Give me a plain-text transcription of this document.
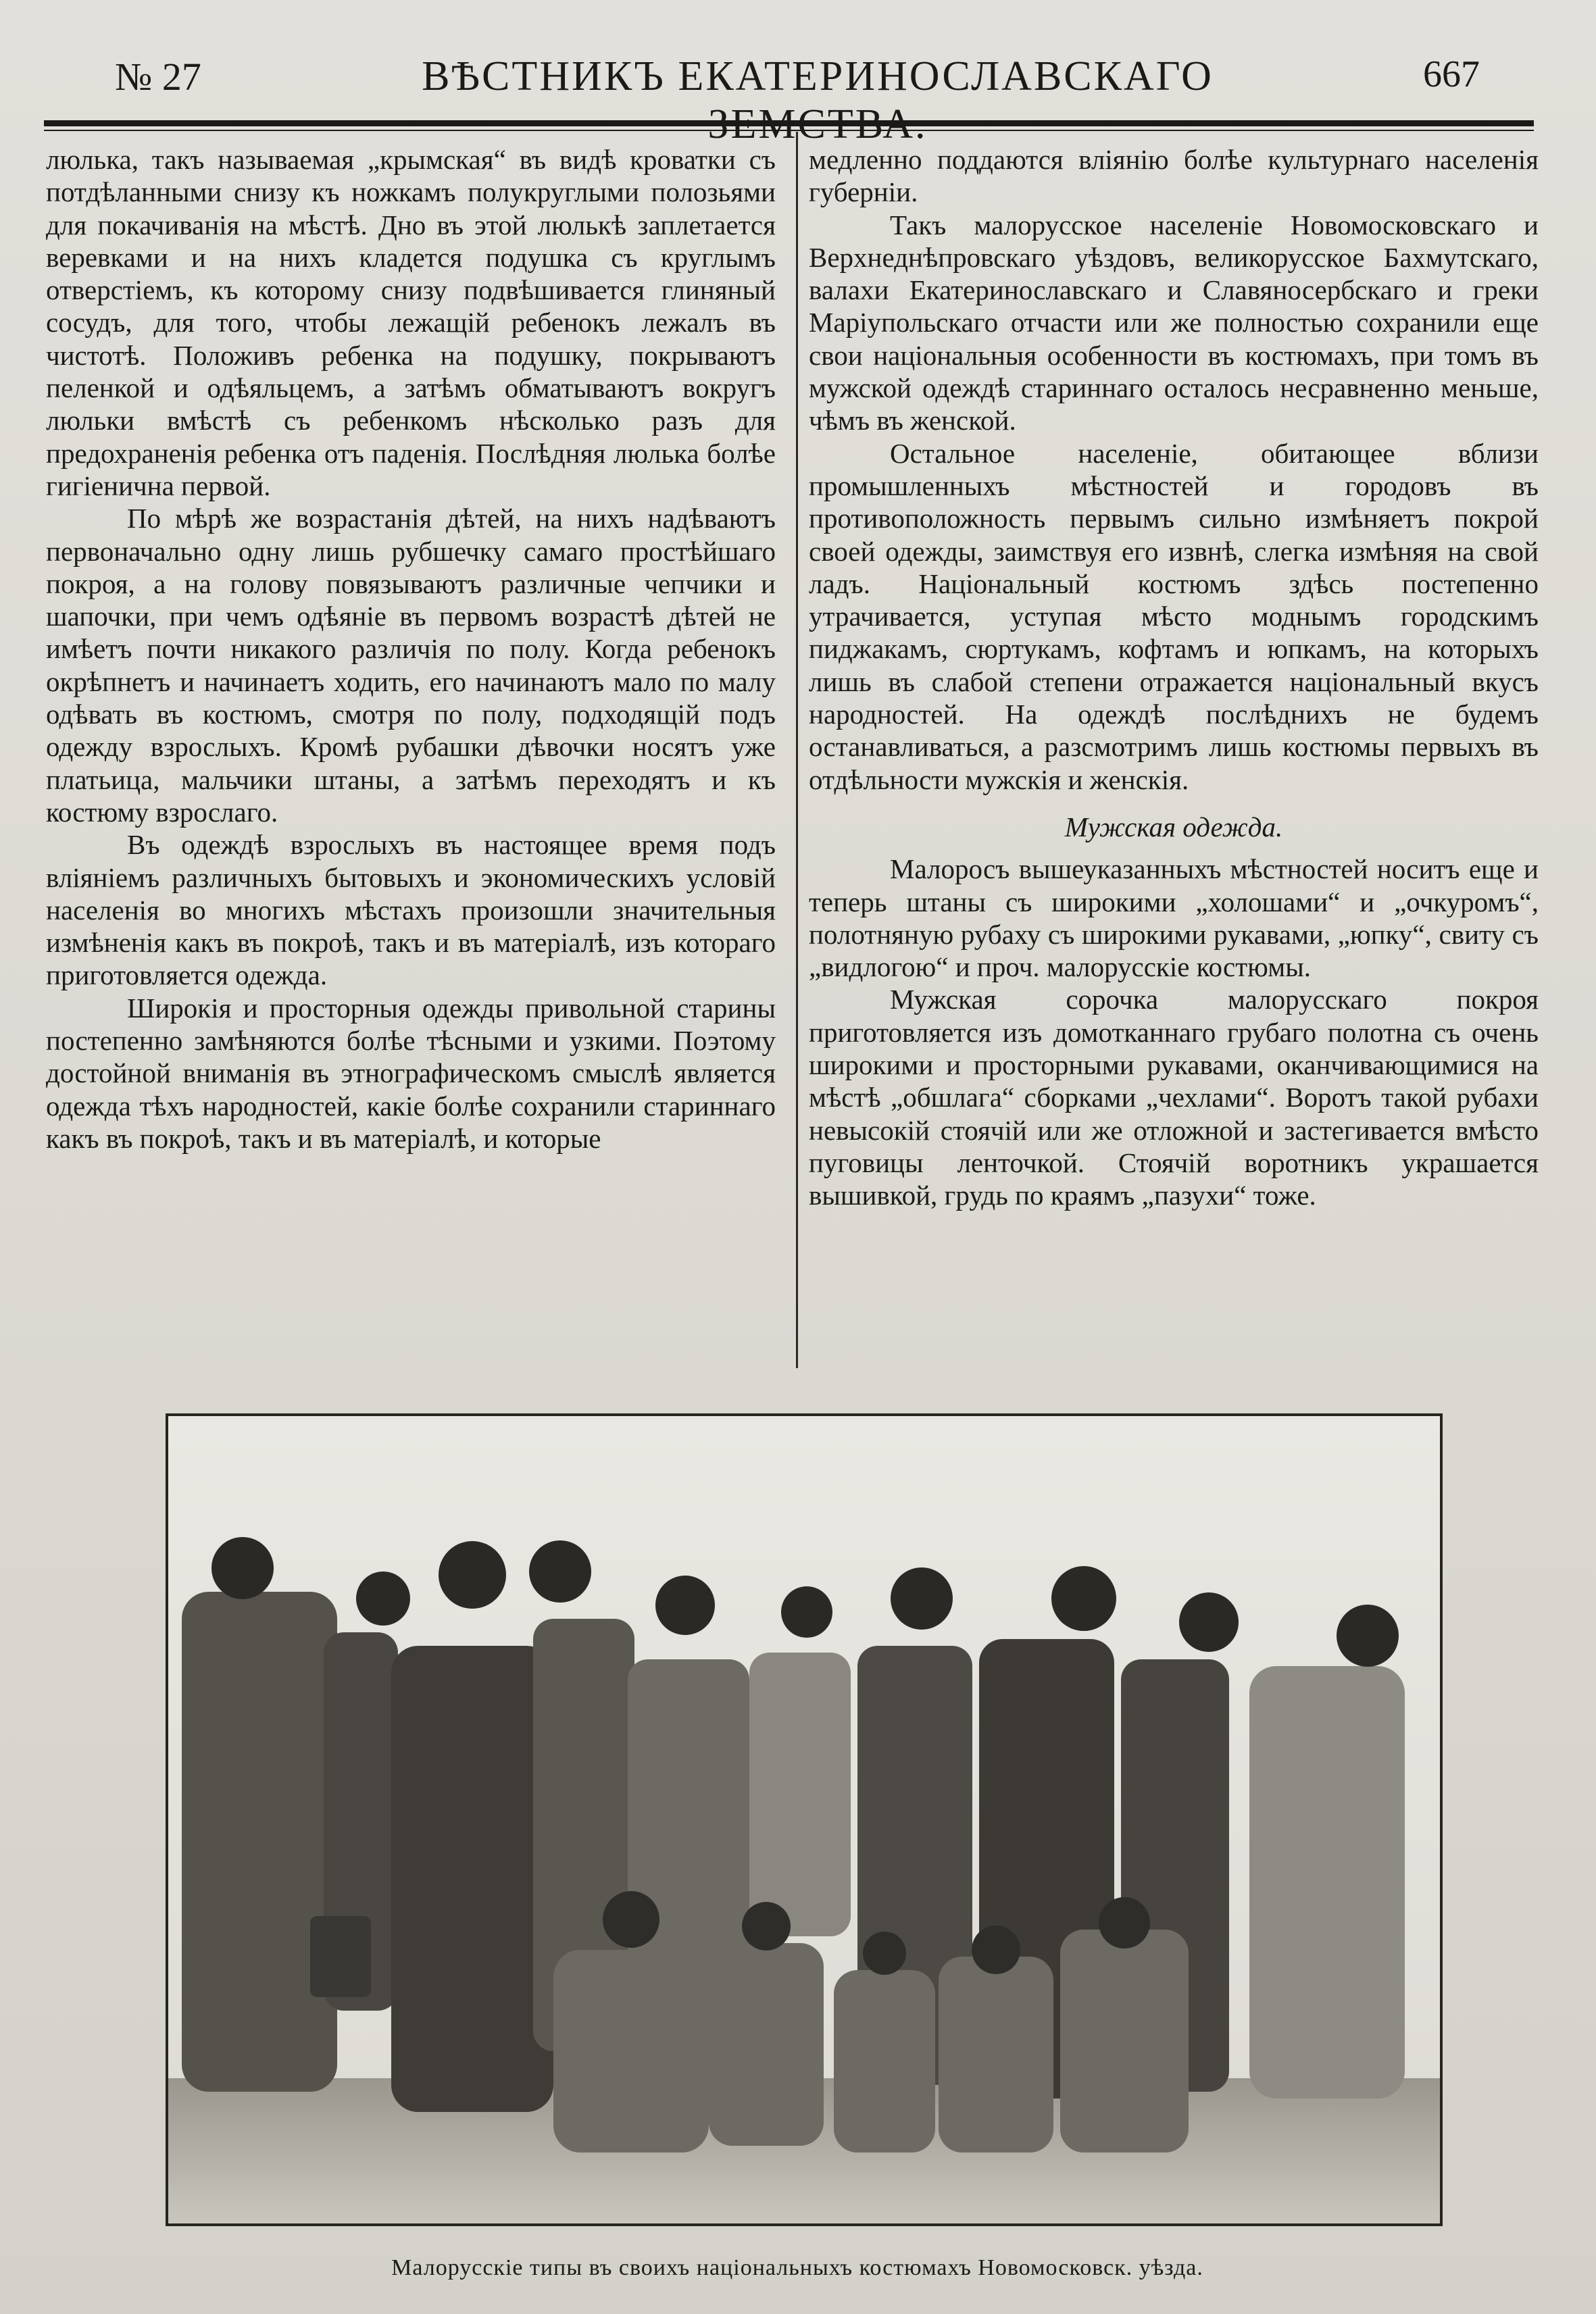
№ 27	ВѢСТНИКЪ ЕКАТЕРИНОСЛАВСКАГО	667

люлька, такъ называемая „крымская“ въ видѣ кроватки съ потдѣланными снизу къ ножкамъ полукруглыми полозьями для покачиванія на мѣстѣ. Дно въ этой люлькѣ заплетается веревками и на нихъ кладется подушка съ круглымъ отверстіемъ, къ которому снизу подвѣшивается глиняный сосудъ, для того, чтобы лежащій ребенокъ лежалъ въ чистотѣ. Положивъ ребенка на подушку, покрываютъ пеленкой и одѣяльцемъ, а затѣмъ обматываютъ вокругъ люльки вмѣстѣ съ ребенкомъ нѣсколько разъ для предохраненія ребенка отъ паденія. Послѣдняя люлька болѣе гигіенична первой.

По мѣрѣ же возрастанія дѣтей, на нихъ надѣваютъ первоначально одну лишь рубшечку самаго простѣйшаго покроя, а на голову повязываютъ различные чепчики и шапочки, при чемъ одѣяніе въ первомъ возрастѣ дѣтей не имѣетъ почти никакого различія по полу. Когда ребенокъ окрѣпнетъ и начинаетъ ходить, его начинаютъ мало по малу одѣвать въ костюмъ, смотря по полу, подходящій подъ одежду взрослыхъ. Кромѣ рубашки дѣвочки носятъ уже платьица, мальчики штаны, а затѣмъ переходятъ и къ костюму взрослаго.

Въ одеждѣ взрослыхъ въ настоящее время подъ вліяніемъ различныхъ бытовыхъ и экономическихъ условій населенія во многихъ мѣстахъ произошли значительныя измѣненія какъ въ покроѣ, такъ и въ матеріалѣ, изъ котораго приготовляется одежда.

Широкія и просторныя одежды привольной старины постепенно замѣняются болѣе тѣсными и узкими. Поэтому достойной вниманія въ этнографическомъ смыслѣ является одежда тѣхъ народностей, какіе болѣе сохранили стариннаго какъ въ покроѣ, такъ и въ матеріалѣ, и которые

медленно поддаются вліянію болѣе культурнаго населенія губерніи.

Такъ малорусское населеніе Новомосковскаго и Верхнеднѣпровскаго уѣздовъ, великорусское Бахмутскаго, валахи Екатеринославскаго и Славяносербскаго и греки Маріупольскаго отчасти или же полностью сохранили еще свои національныя особенности въ костюмахъ, при томъ въ мужской одеждѣ стариннаго осталось несравненно меньше, чѣмъ въ женской.

Остальное населеніе, обитающее вблизи промышленныхъ мѣстностей и городовъ въ противоположность первымъ сильно измѣняетъ покрой своей одежды, заимствуя его извнѣ, слегка измѣняя на свой ладъ. Національный костюмъ здѣсь постепенно утрачивается, уступая мѣсто моднымъ городскимъ пиджакамъ, сюртукамъ, кофтамъ и юпкамъ, на которыхъ лишь въ слабой степени отражается національный вкусъ народностей. На одеждѣ послѣднихъ не будемъ останавливаться, а разсмотримъ лишь костюмы первыхъ въ отдѣльности мужскія и женскія.

Мужская одежда.

Малоросъ вышеуказанныхъ мѣстностей носитъ еще и теперь штаны съ широкими „холошами“ и „очкуромъ“, полотняную рубаху съ широкими рукавами, „юпку“, свиту съ „видлогою“ и проч. малорусскіе костюмы.

Мужская сорочка малорусскаго покроя приготовляется изъ домотканнаго грубаго полотна съ очень широкими и просторными рукавами, оканчивающимися на мѣстѣ „обшлага“ сборками „чехлами“. Воротъ такой рубахи невысокій стоячій или же отложной и застегивается вмѣсто пуговицы ленточкой. Стоячій воротникъ украшается вышивкой, грудь по краямъ „пазухи“ тоже.

Малорусскіе типы въ своихъ національныхъ костюмахъ Новомосковск. уѣзда.
